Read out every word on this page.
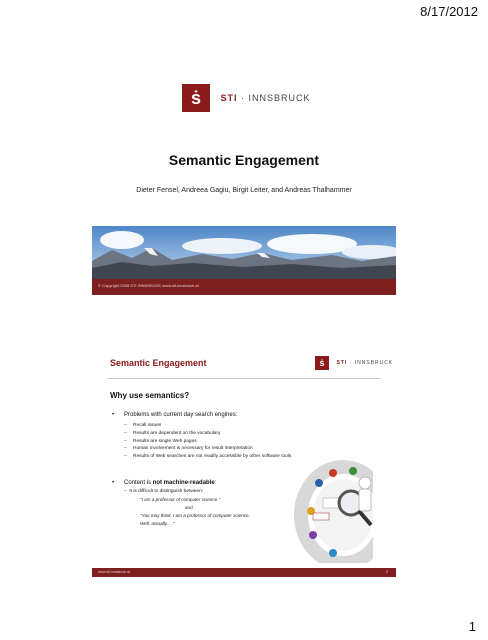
8/17/2012
ṡ	STI · INNSBRUCK
Semantic Engagement
Dieter Fensel, Andreea Gagiu, Birgit Leiter, and Andreas Thalhammer
© Copyright 2008 STI INNSBRUCK www.sti-innsbruck.at
Semantic Engagement	ṡ	STI · INNSBRUCK
Why use semantics?
• Problems with current day search engines:
– Recall issues
– Results are dependent on the vocabulary
– Results are single Web pages
– Human involvement is necessary for result interpretation
– Results of Web searches are not readily accessible by other software tools
• Content is not machine-readable:
–  It is difficult to distinguish between:
"I am a professor of computer science."
and
"You may think, I am a professor of computer science.
Well, actually. . ."
www.sti-innsbruck.at	2
1
